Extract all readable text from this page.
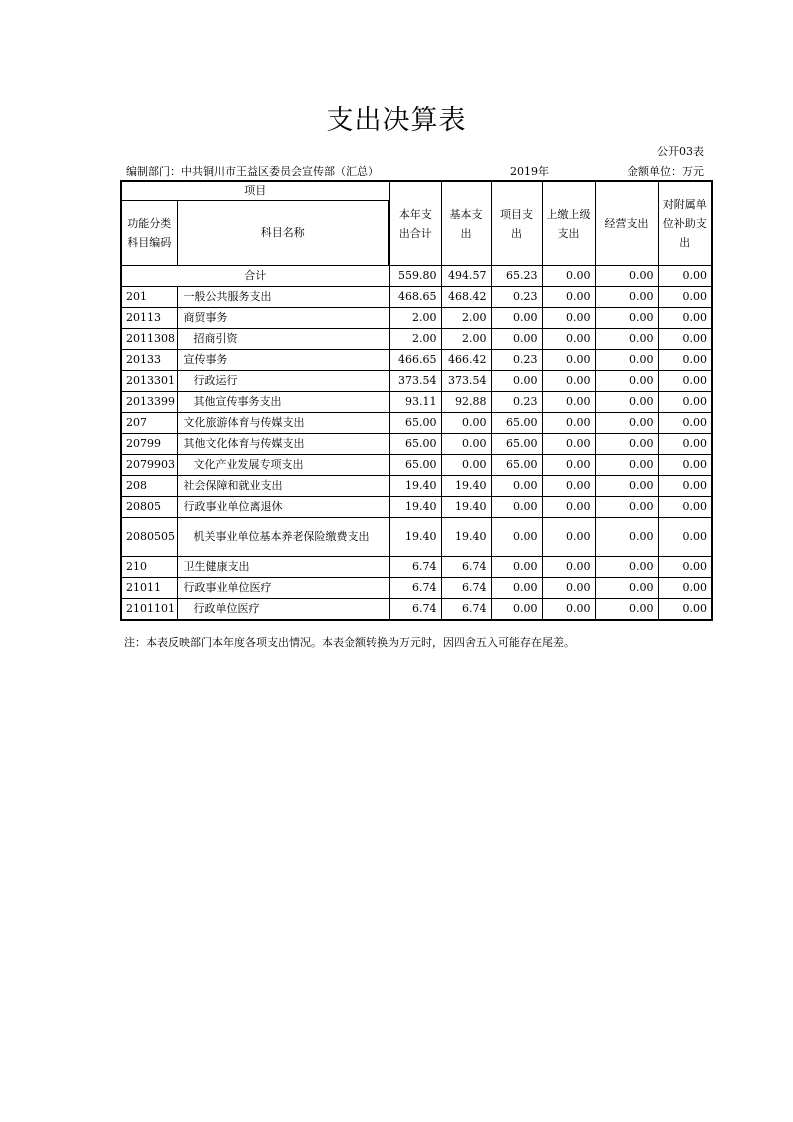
支出决算表
公开03表
编制部门：中共铜川市王益区委员会宣传部（汇总）	2019年	金额单位：万元
项目		本年支出合计	基本支出	项目支出	上缴上级支出	经营支出	对附属单位补助支出
功能分类科目编码	科目名称						
合计		559.80	494.57	65.23	0.00	0.00	0.00
201	一般公共服务支出	468.65	468.42	0.23	0.00	0.00	0.00
20113	商贸事务	2.00	2.00	0.00	0.00	0.00	0.00
2011308	招商引资	2.00	2.00	0.00	0.00	0.00	0.00
20133	宣传事务	466.65	466.42	0.23	0.00	0.00	0.00
2013301	行政运行	373.54	373.54	0.00	0.00	0.00	0.00
2013399	其他宣传事务支出	93.11	92.88	0.23	0.00	0.00	0.00
207	文化旅游体育与传媒支出	65.00	0.00	65.00	0.00	0.00	0.00
20799	其他文化体育与传媒支出	65.00	0.00	65.00	0.00	0.00	0.00
2079903	文化产业发展专项支出	65.00	0.00	65.00	0.00	0.00	0.00
208	社会保障和就业支出	19.40	19.40	0.00	0.00	0.00	0.00
20805	行政事业单位离退休	19.40	19.40	0.00	0.00	0.00	0.00
2080505	机关事业单位基本养老保险缴费支出	19.40	19.40	0.00	0.00	0.00	0.00
210	卫生健康支出	6.74	6.74	0.00	0.00	0.00	0.00
21011	行政事业单位医疗	6.74	6.74	0.00	0.00	0.00	0.00
2101101	行政单位医疗	6.74	6.74	0.00	0.00	0.00	0.00
注：本表反映部门本年度各项支出情况。本表金额转换为万元时，因四舍五入可能存在尾差。
